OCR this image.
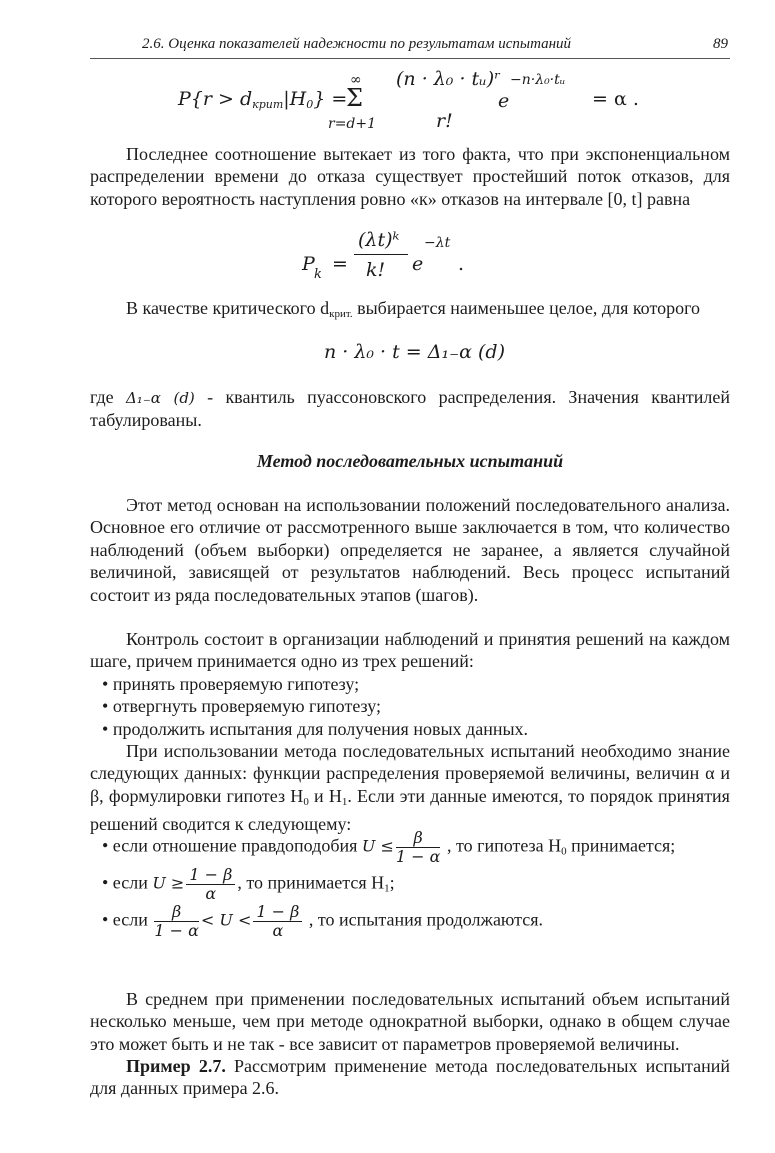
2.6. Оценка показателей надежности по результатам испытаний	89
$P\{r > d_{крит}|H_0\}$ =
∞
Σ
r=d+1
(n · λ₀ · tᵤ)ʳ
r!
e
−n·λ₀·tᵤ
= α .

Последнее соотношение вытекает из того факта, что при экспоненциальном распределении времени до отказа существует простейший поток отказов, для которого вероятность наступления ровно «к» отказов на интервале [0, t] равна

P k =
(λt)ᵏ
k! e
−λt
.

В качестве критического $d_{крит.}$ выбирается наименьшее целое, для которого

n · λ₀ · t = Δ₁₋α (d)

где Δ₁₋α (d) - квантиль пуассоновского распределения. Значения квантилей табулированы.

Метод последовательных испытаний

Этот метод основан на использовании положений последовательного анализа. Основное его отличие от рассмотренного выше заключается в том, что количество наблюдений (объем выборки) определяется не заранее, а является случайной величиной, зависящей от результатов наблюдений. Весь процесс испытаний состоит из ряда последовательных этапов (шагов).

Контроль состоит в организации наблюдений и принятия решений на каждом шаге, причем принимается одно из трех решений:

• принять проверяемую гипотезу;

• отвергнуть проверяемую гипотезу;

• продолжить испытания для получения новых данных.

При использовании метода последовательных испытаний необходимо знание следующих данных: функции распределения проверяемой величины, величин α и β, формулировки гипотез $H_0$ и $H_1$. Если эти данные имеются, то порядок принятия решений сводится к следующему:

• если отношение правдоподобия $U \le \frac{\beta}{1 - \alpha}$ , то гипотеза $H_0$ принимается;

• если $U \ge \frac{1 - \beta}{\alpha}$ , то принимается $H_1$;

• если $\frac{\beta}{1 - \alpha} < U < \frac{1 - \beta}{\alpha}$ , то испытания продолжаются.

В среднем при применении последовательных испытаний объем испытаний несколько меньше, чем при методе однократной выборки, однако в общем случае это может быть и не так - все зависит от параметров проверяемой величины.

Пример 2.7. Рассмотрим применение метода последовательных испытаний для данных примера 2.6.
